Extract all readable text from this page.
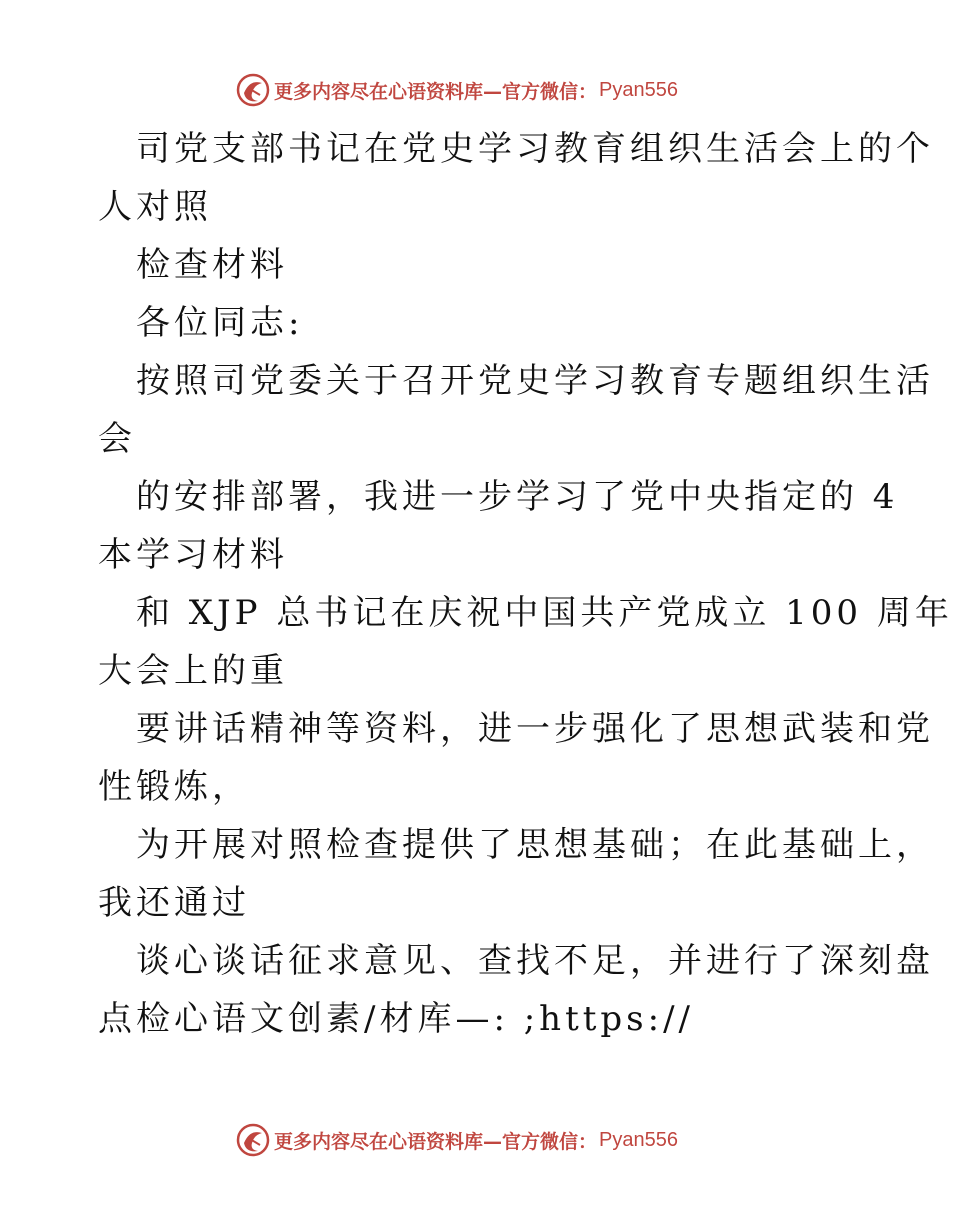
更多内容尽在心语资料库—官方微信： Pyan556
司党支部书记在党史学习教育组织生活会上的个
人对照
检查材料
各位同志:
按照司党委关于召开党史学习教育专题组织生活
会
的安排部署，我进一步学习了党中央指定的 4
本学习材料
和 XJP 总书记在庆祝中国共产党成立 100 周年
大会上的重
要讲话精神等资料，进一步强化了思想武装和党
性锻炼，
为开展对照检查提供了思想基础；在此基础上，
我还通过
谈心谈话征求意见、查找不足，并进行了深刻盘
点检心语文创素/材库—: ;https://
更多内容尽在心语资料库—官方微信： Pyan556
